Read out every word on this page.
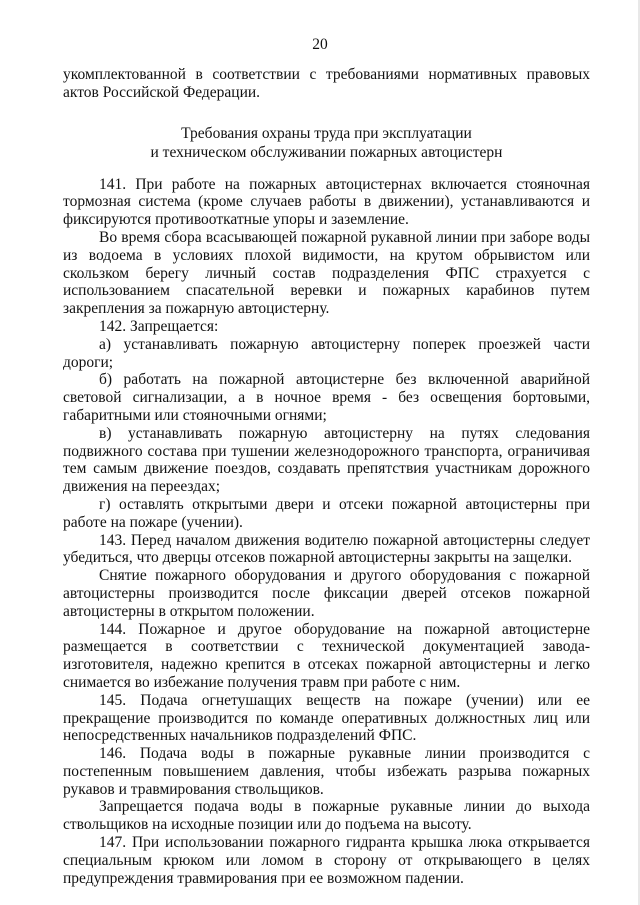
20

укомплектованной в соответствии с требованиями нормативных правовых актов Российской Федерации.

Требования охраны труда при эксплуатации
и техническом обслуживании пожарных автоцистерн

141. При работе на пожарных автоцистернах включается стояночная тормозная система (кроме случаев работы в движении), устанавливаются и фиксируются противооткатные упоры и заземление.

Во время сбора всасывающей пожарной рукавной линии при заборе воды из водоема в условиях плохой видимости, на крутом обрывистом или скользком берегу личный состав подразделения ФПС страхуется с использованием спасательной веревки и пожарных карабинов путем закрепления за пожарную автоцистерну.

142. Запрещается:

а) устанавливать пожарную автоцистерну поперек проезжей части дороги;

б) работать на пожарной автоцистерне без включенной аварийной световой сигнализации, а в ночное время - без освещения бортовыми, габаритными или стояночными огнями;

в) устанавливать пожарную автоцистерну на путях следования подвижного состава при тушении железнодорожного транспорта, ограничивая тем самым движение поездов, создавать препятствия участникам дорожного движения на переездах;

г) оставлять открытыми двери и отсеки пожарной автоцистерны при работе на пожаре (учении).

143. Перед началом движения водителю пожарной автоцистерны следует убедиться, что дверцы отсеков пожарной автоцистерны закрыты на защелки.

Снятие пожарного оборудования и другого оборудования с пожарной автоцистерны производится после фиксации дверей отсеков пожарной автоцистерны в открытом положении.

144. Пожарное и другое оборудование на пожарной автоцистерне размещается в соответствии с технической документацией завода-изготовителя, надежно крепится в отсеках пожарной автоцистерны и легко снимается во избежание получения травм при работе с ним.

145. Подача огнетушащих веществ на пожаре (учении) или ее прекращение производится по команде оперативных должностных лиц или непосредственных начальников подразделений ФПС.

146. Подача воды в пожарные рукавные линии производится с постепенным повышением давления, чтобы избежать разрыва пожарных рукавов и травмирования ствольщиков.

Запрещается подача воды в пожарные рукавные линии до выхода ствольщиков на исходные позиции или до подъема на высоту.

147. При использовании пожарного гидранта крышка люка открывается специальным крюком или ломом в сторону от открывающего в целях предупреждения травмирования при ее возможном падении.
